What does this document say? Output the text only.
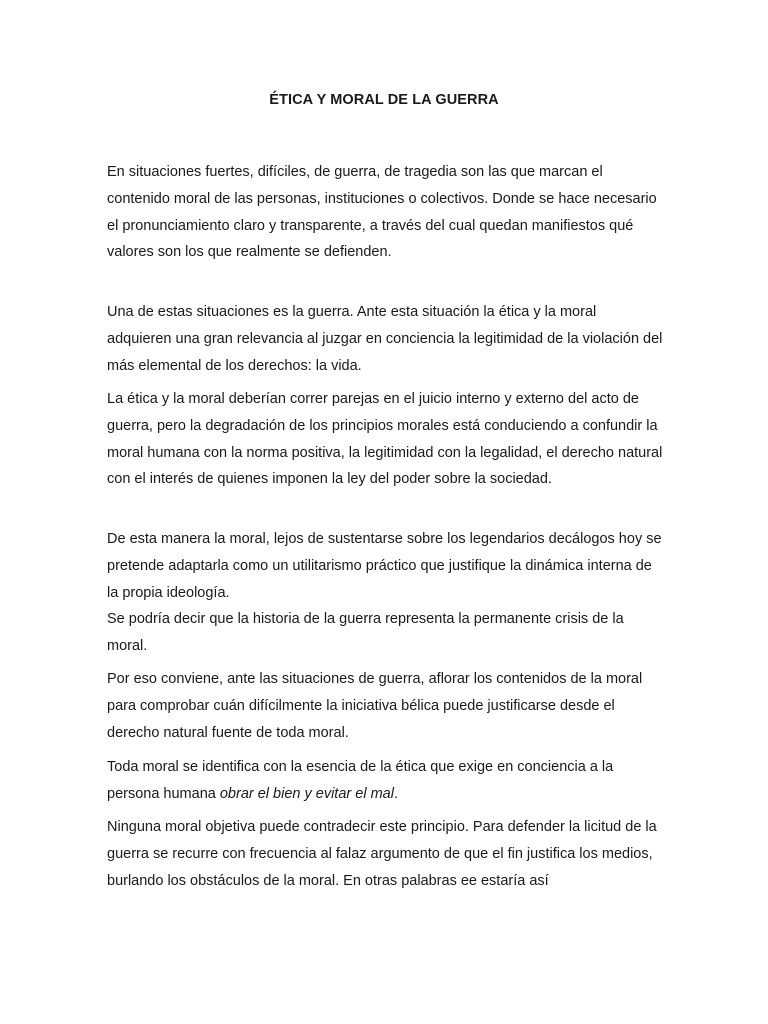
ÉTICA Y MORAL DE LA GUERRA

En situaciones fuertes, difíciles, de guerra, de tragedia son las que marcan el contenido moral de las personas, instituciones o colectivos. Donde se hace necesario el pronunciamiento claro y transparente, a través del cual quedan manifiestos qué valores son los que realmente se defienden.

Una de estas situaciones es la guerra. Ante esta situación la ética y la moral adquieren una gran relevancia al juzgar en conciencia la legitimidad de la violación del más elemental de los derechos: la vida.

La ética y la moral deberían correr parejas en el juicio interno y externo del acto de guerra, pero la degradación de los principios morales está conduciendo a confundir la moral humana con la norma positiva, la legitimidad con la legalidad, el derecho natural con el interés de quienes imponen la ley del poder sobre la sociedad.

De esta manera la moral, lejos de sustentarse sobre los legendarios decálogos hoy se pretende adaptarla como un utilitarismo práctico que justifique la dinámica interna de la propia ideología.

Se podría decir que la historia de la guerra representa la permanente crisis de la moral.

Por eso conviene, ante las situaciones de guerra, aflorar los contenidos de la moral para comprobar cuán difícilmente la iniciativa bélica puede justificarse desde el derecho natural fuente de toda moral.

Toda moral se identifica con la esencia de la ética que exige en conciencia a la persona humana obrar el bien y evitar el mal.

Ninguna moral objetiva puede contradecir este principio. Para defender la licitud de la guerra se recurre con frecuencia al falaz argumento de que el fin justifica los medios, burlando los obstáculos de la moral. En otras palabras ee estaría así
